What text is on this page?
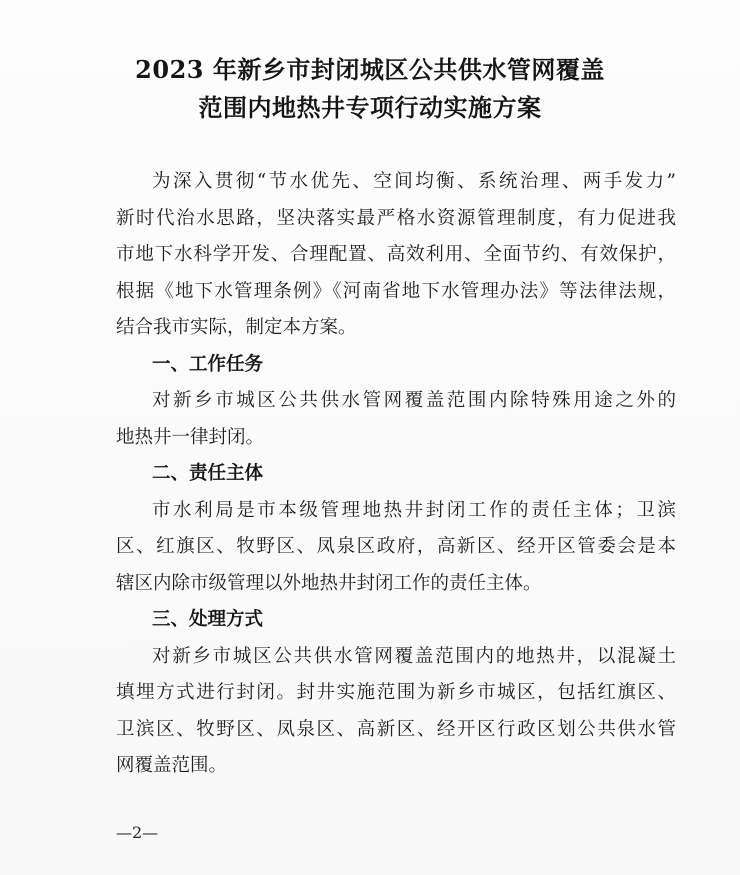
2023 年新乡市封闭城区公共供水管网覆盖
范围内地热井专项行动实施方案
为深入贯彻“节水优先、空间均衡、系统治理、两手发力”
新时代治水思路，坚决落实最严格水资源管理制度，有力促进我
市地下水科学开发、合理配置、高效利用、全面节约、有效保护，
根据《地下水管理条例》《河南省地下水管理办法》等法律法规，
结合我市实际，制定本方案。
一、工作任务
对新乡市城区公共供水管网覆盖范围内除特殊用途之外的
地热井一律封闭。
二、责任主体
市水利局是市本级管理地热井封闭工作的责任主体；卫滨
区、红旗区、牧野区、凤泉区政府，高新区、经开区管委会是本
辖区内除市级管理以外地热井封闭工作的责任主体。
三、处理方式
对新乡市城区公共供水管网覆盖范围内的地热井，以混凝土
填埋方式进行封闭。封井实施范围为新乡市城区，包括红旗区、
卫滨区、牧野区、凤泉区、高新区、经开区行政区划公共供水管
网覆盖范围。
—2—
